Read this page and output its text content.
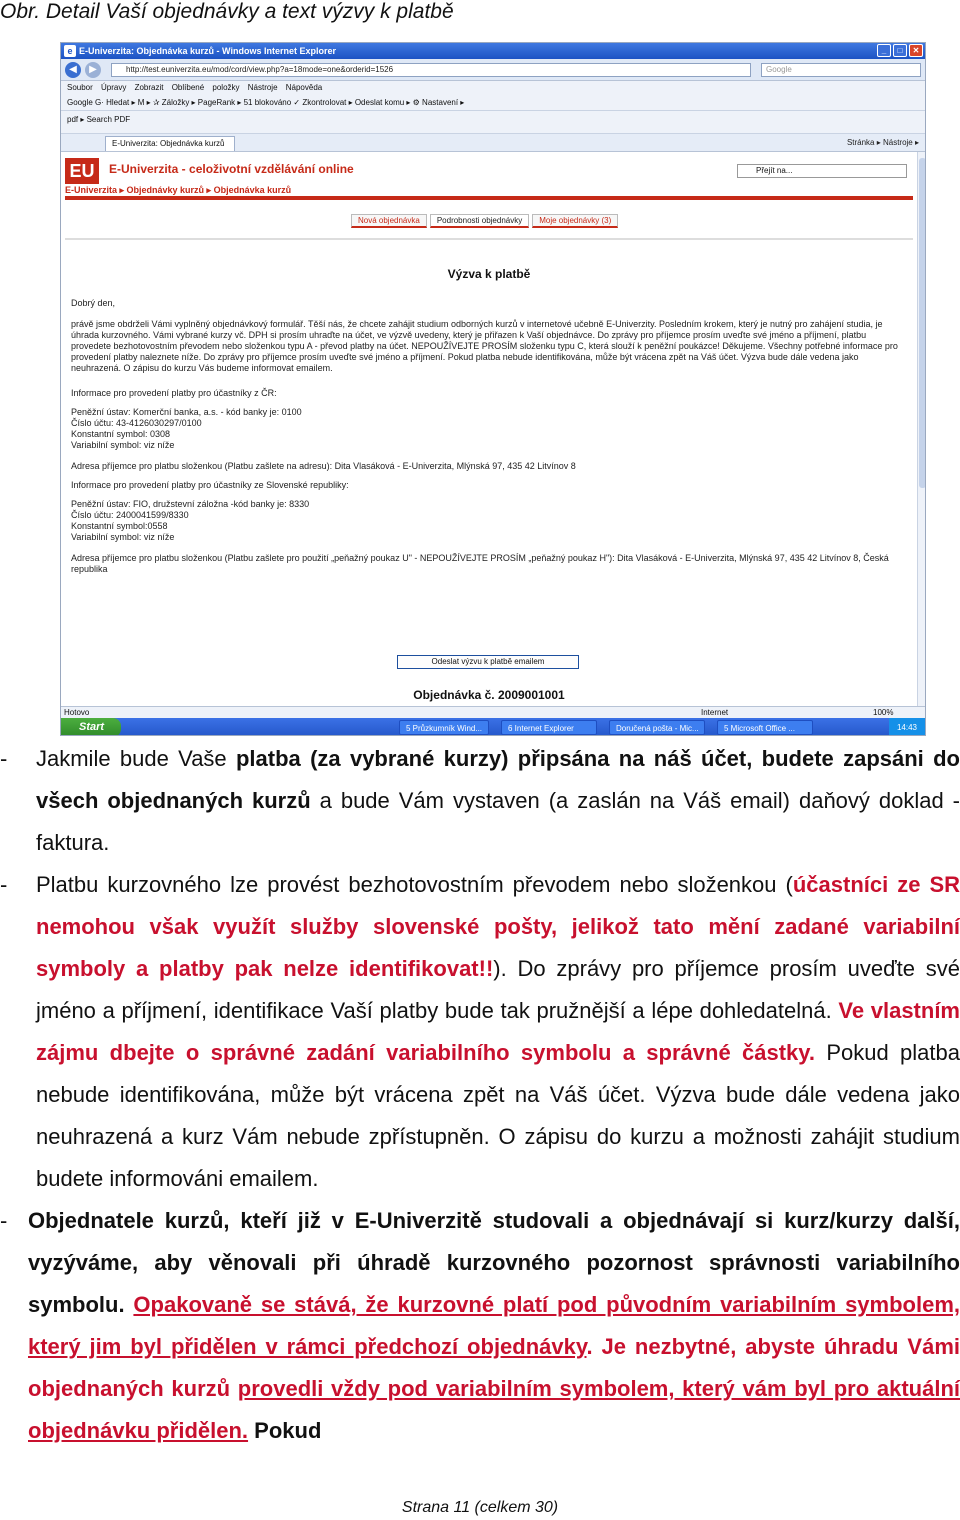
Obr. Detail Vaší objednávky a text výzvy k platbě
e E-Univerzita: Objednávka kurzů - Windows Internet Explorer	_	□	✕
◀	▶	http://test.euniverzita.eu/mod/cord/view.php?a=18mode=one&orderid=1526	Google
Soubor Úpravy Zobrazit Oblíbené položky Nástroje Nápověda
Google G· Hledat ▸ M ▸ ✰ Záložky ▸ PageRank ▸ 51 blokováno ✓ Zkontrolovat ▸ Odeslat komu ▸ ⚙ Nastavení ▸
pdf ▸ Search PDF
E-Univerzita: Objednávka kurzů	Stránka ▸ Nástroje ▸
EU	E-Univerzita - celoživotní vzdělávání online
E-Univerzita ▸ Objednávky kurzů ▸ Objednávka kurzů
Přejít na...
Nová objednávka	Podrobnosti objednávky	Moje objednávky (3)
Výzva k platbě

Dobrý den,

právě jsme obdrželi Vámi vyplněný objednávkový formulář. Těší nás, že chcete zahájit studium odborných kurzů v internetové učebně E-Univerzity. Posledním krokem, který je nutný pro zahájení studia, je úhrada kurzovného. Vámi vybrané kurzy vč. DPH si prosím uhraďte na účet, ve výzvě uvedeny, který je přiřazen k Vaší objednávce. Do zprávy pro příjemce prosím uveďte své jméno a příjmení, platbu provedete bezhotovostním převodem nebo složenkou typu A - převod platby na účet. NEPOUŽÍVEJTE PROSÍM složenku typu C, která slouží k peněžní poukázce! Děkujeme. Všechny potřebné informace pro provedení platby naleznete níže. Do zprávy pro příjemce prosím uveďte své jméno a příjmení. Pokud platba nebude identifikována, může být vrácena zpět na Váš účet. Výzva bude dále vedena jako neuhrazená. O zápisu do kurzu Vás budeme informovat emailem.

Informace pro provedení platby pro účastníky z ČR:

Peněžní ústav: Komerční banka, a.s. - kód banky je: 0100
Číslo účtu: 43-4126030297/0100
Konstantní symbol: 0308
Variabilní symbol: viz níže

Adresa příjemce pro platbu složenkou (Platbu zašlete na adresu): Dita Vlasáková - E-Univerzita, Mlýnská 97, 435 42 Litvínov 8

Informace pro provedení platby pro účastníky ze Slovenské republiky:

Peněžní ústav: FIO, družstevní záložna -kód banky je: 8330
Číslo účtu: 2400041599/8330
Konstantní symbol:0558
Variabilní symbol: viz níže

Adresa příjemce pro platbu složenkou (Platbu zašlete pro použití „peňažný poukaz U" - NEPOUŽÍVEJTE PROSÍM „peňažný poukaz H"): Dita Vlasáková - E-Univerzita, Mlýnská 97, 435 42 Litvínov 8, Česká republika

Odeslat výzvu k platbě emailem
Objednávka č. 2009001001
Hotovo	Internet	100%
Start	5 Průzkumník Wind...	6 Internet Explorer	Doručená pošta - Mic...	5 Microsoft Office ...	14:43
-	Jakmile bude Vaše platba (za vybrané kurzy) připsána na náš účet, budete zapsáni do všech objednaných kurzů a bude Vám vystaven (a zaslán na Váš email) daňový doklad - faktura.
-	Platbu kurzovného lze provést bezhotovostním převodem nebo složenkou (účastníci ze SR nemohou však využít služby slovenské pošty, jelikož tato mění zadané variabilní symboly a platby pak nelze identifikovat!!). Do zprávy pro příjemce prosím uveďte své jméno a příjmení, identifikace Vaší platby bude tak pružnější a lépe dohledatelná. Ve vlastním zájmu dbejte o správné zadání variabilního symbolu a správné částky. Pokud platba nebude identifikována, může být vrácena zpět na Váš účet. Výzva bude dále vedena jako neuhrazená a kurz Vám nebude zpřístupněn. O zápisu do kurzu a možnosti zahájit studium budete informováni emailem.
- Objednatele kurzů, kteří již v E-Univerzitě studovali a objednávají si kurz/kurzy další, vyzýváme, aby věnovali při úhradě kurzovného pozornost správnosti variabilního symbolu. Opakovaně se stává, že kurzovné platí pod původním variabilním symbolem, který jim byl přidělen v rámci předchozí objednávky. Je nezbytné, abyste úhradu Vámi objednaných kurzů provedli vždy pod variabilním symbolem, který vám byl pro aktuální objednávku přidělen. Pokud
Strana 11 (celkem 30)
